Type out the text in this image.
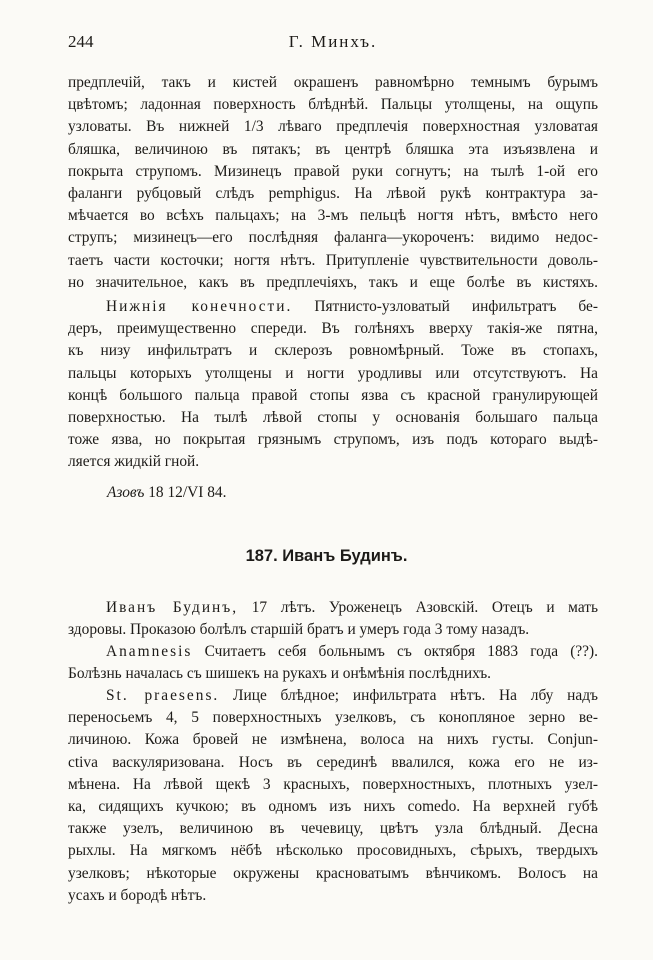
244	Г. Минхъ.
предплечій, такъ и кистей окрашенъ равномѣрно темнымъ бурымъ
цвѣтомъ; ладонная поверхность блѣднѣй. Пальцы утолщены, на ощупь
узловаты. Въ нижней 1/3 лѣваго предплечія поверхностная узловатая
бляшка, величиною въ пятакъ; въ центрѣ бляшка эта изъязвлена и
покрыта струпомъ. Мизинецъ правой руки согнутъ; на тылѣ 1-ой его
фаланги рубцовый слѣдъ pemphigus. На лѣвой рукѣ контрактура за-
мѣчается во всѣхъ пальцахъ; на 3-мъ пельцѣ ногтя нѣтъ, вмѣсто него
струпъ; мизинецъ—его послѣдняя фаланга—укороченъ: видимо недос-
таетъ части косточки; ногтя нѣтъ. Притупленіе чувствительности доволь-
но значительное, какъ въ предплечіяхъ, такъ и еще болѣе въ кистяхъ.
Нижнія конечности. Пятнисто-узловатый инфильтратъ бе-
деръ, преимущественно спереди. Въ голѣняхъ вверху такія-же пятна,
къ низу инфильтратъ и склерозъ ровномѣрный. Тоже въ стопахъ,
пальцы которыхъ утолщены и ногти уродливы или отсутствуютъ. На
концѣ большого пальца правой стопы язва съ красной гранулирующей
поверхностью. На тылѣ лѣвой стопы у основанія большаго пальца
тоже язва, но покрытая грязнымъ струпомъ, изъ подъ котораго выдѣ-
ляется жидкій гной.
Азовъ 18 12/VI 84.
187. Иванъ Будинъ.
Иванъ Будинъ, 17 лѣтъ. Уроженецъ Азовскій. Отецъ и мать
здоровы. Проказою болѣлъ старшій братъ и умеръ года 3 тому назадъ.
Anamnesis Считаетъ себя больнымъ съ октября 1883 года (??).
Болѣзнь началась съ шишекъ на рукахъ и онѣмѣнія послѣднихъ.
St. praesens. Лице блѣдное; инфильтрата нѣтъ. На лбу надъ
переносьемъ 4, 5 поверхностныхъ узелковъ, съ конопляное зерно ве-
личиною. Кожа бровей не измѣнена, волоса на нихъ густы. Conjun-
ctiva васкуляризована. Носъ въ серединѣ ввалился, кожа его не из-
мѣнена. На лѣвой щекѣ 3 красныхъ, поверхностныхъ, плотныхъ узел-
ка, сидящихъ кучкою; въ одномъ изъ нихъ comedo. На верхней губѣ
также узелъ, величиною въ чечевицу, цвѣтъ узла блѣдный. Десна
рыхлы. На мягкомъ нёбѣ нѣсколько просовидныхъ, сѣрыхъ, твердыхъ
узелковъ; нѣкоторые окружены красноватымъ вѣнчикомъ. Волосъ на
усахъ и бородѣ нѣтъ.
